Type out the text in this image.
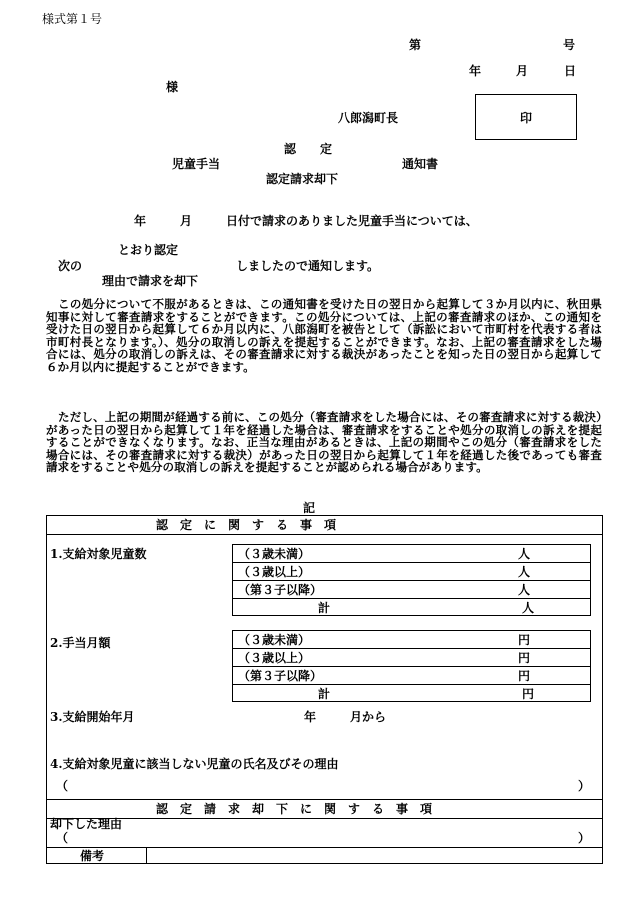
様式第１号
第	号
年	月	日
様
八郎潟町長	印
認　　定
児童手当	通知書
認定請求却下
年	月	日付で請求のありました児童手当については、
とおり認定
次の	しましたので通知します。
理由で請求を却下
この処分について不服があるときは、この通知書を受けた日の翌日から起算して３か月以内に、秋田県知事に対して審査請求をすることができます。この処分については、上記の審査請求のほか、この通知を受けた日の翌日から起算して６か月以内に、八郎潟町を被告として（訴訟において市町村を代表する者は市町村長となります。）、処分の取消しの訴えを提起することができます。なお、上記の審査請求をした場合には、処分の取消しの訴えは、その審査請求に対する裁決があったことを知った日の翌日から起算して６か月以内に提起することができます。
ただし、上記の期間が経過する前に、この処分（審査請求をした場合には、その審査請求に対する裁決）があった日の翌日から起算して１年を経過した場合は、審査請求をすることや処分の取消しの訴えを提起することができなくなります。なお、正当な理由があるときは、上記の期間やこの処分（審査請求をした場合には、その審査請求に対する裁決）があった日の翌日から起算して１年を経過した後であっても審査請求をすることや処分の取消しの訴えを提起することが認められる場合があります。
記
認　定　に　関　す　る　事　項
1.支給対象児童数	（３歳未満）	人
（３歳以上）	人
（第３子以降）	人
計	人
2.手当月額	（３歳未満）	円
（３歳以上）	円
（第３子以降）	円
計	円
3.支給開始年月	年	月から
4.支給対象児童に該当しない児童の氏名及びその理由
（	）
認　定　請　求　却　下　に　関　す　る　事　項
却下した理由
（	）
備考
